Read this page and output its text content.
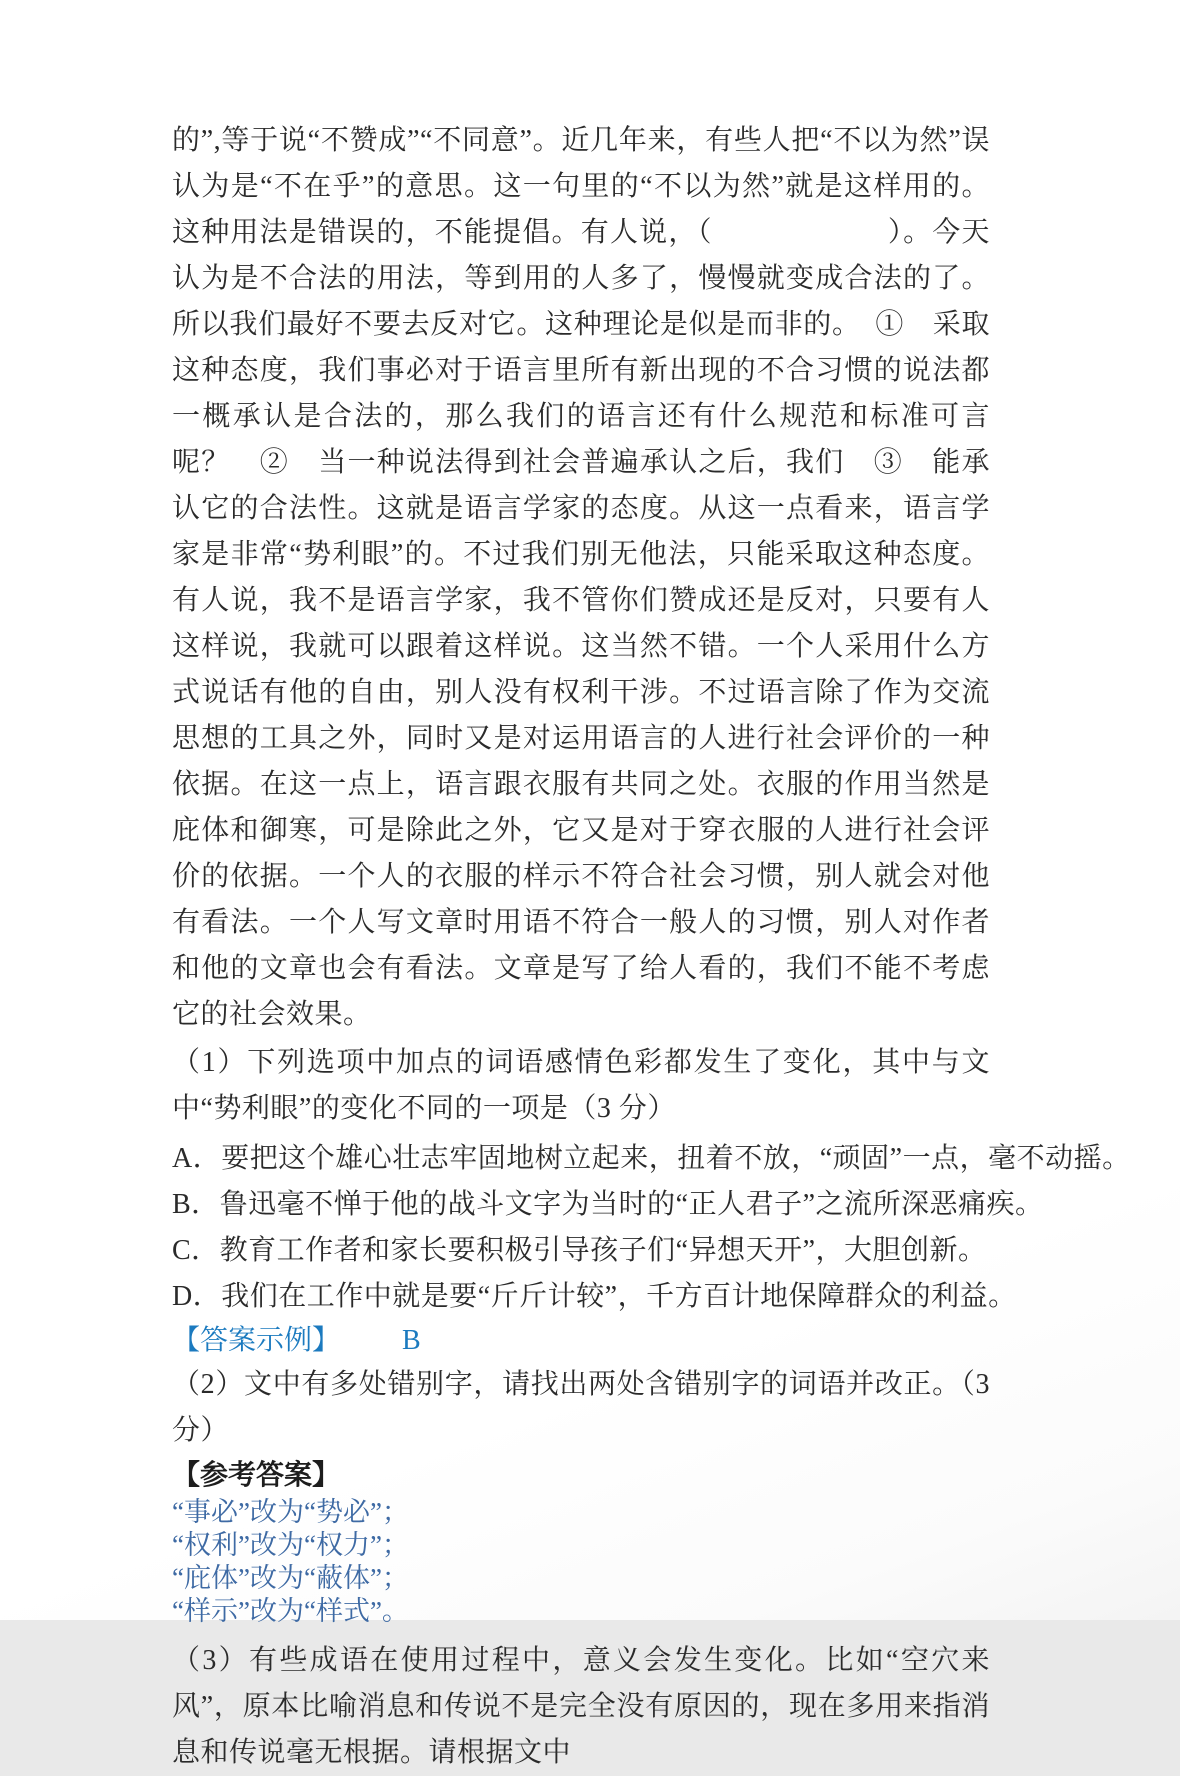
的”,等于说“不赞成”“不同意”。近几年来，有些人把“不以为然”误认为是“不在乎”的意思。这一句里的“不以为然”就是这样用的。这种用法是错误的，不能提倡。有人说，（　　　　　　）。今天认为是不合法的用法，等到用的人多了，慢慢就变成合法的了。所以我们最好不要去反对它。这种理论是似是而非的。　①　采取这种态度，我们事必对于语言里所有新出现的不合习惯的说法都一概承认是合法的，那么我们的语言还有什么规范和标准可言呢？　②　当一种说法得到社会普遍承认之后，我们　③　能承认它的合法性。这就是语言学家的态度。从这一点看来，语言学家是非常“势利眼”的。不过我们别无他法，只能采取这种态度。有人说，我不是语言学家，我不管你们赞成还是反对，只要有人这样说，我就可以跟着这样说。这当然不错。一个人采用什么方式说话有他的自由，别人没有权利干涉。不过语言除了作为交流思想的工具之外，同时又是对运用语言的人进行社会评价的一种依据。在这一点上，语言跟衣服有共同之处。衣服的作用当然是庇体和御寒，可是除此之外，它又是对于穿衣服的人进行社会评价的依据。一个人的衣服的样示不符合社会习惯，别人就会对他有看法。一个人写文章时用语不符合一般人的习惯，别人对作者和他的文章也会有看法。文章是写了给人看的，我们不能不考虑它的社会效果。

（1）下列选项中加点的词语感情色彩都发生了变化，其中与文中“势利眼”的变化不同的一项是（3 分）

A．要把这个雄心壮志牢固地树立起来，扭着不放，“顽固”一点，毫不动摇。
B．鲁迅毫不惮于他的战斗文字为当时的“正人君子”之流所深恶痛疾。
C．教育工作者和家长要积极引导孩子们“异想天开”，大胆创新。
D．我们在工作中就是要“斤斤计较”，千方百计地保障群众的利益。
【答案示例】 B

（2）文中有多处错别字，请找出两处含错别字的词语并改正。（3 分）

【参考答案】
“事必”改为“势必”；
“权利”改为“权力”；
“庇体”改为“蔽体”；
“样示”改为“样式”。

（3）有些成语在使用过程中，意义会发生变化。比如“空穴来风”，原本比喻消息和传说不是完全没有原因的，现在多用来指消息和传说毫无根据。请根据文中
